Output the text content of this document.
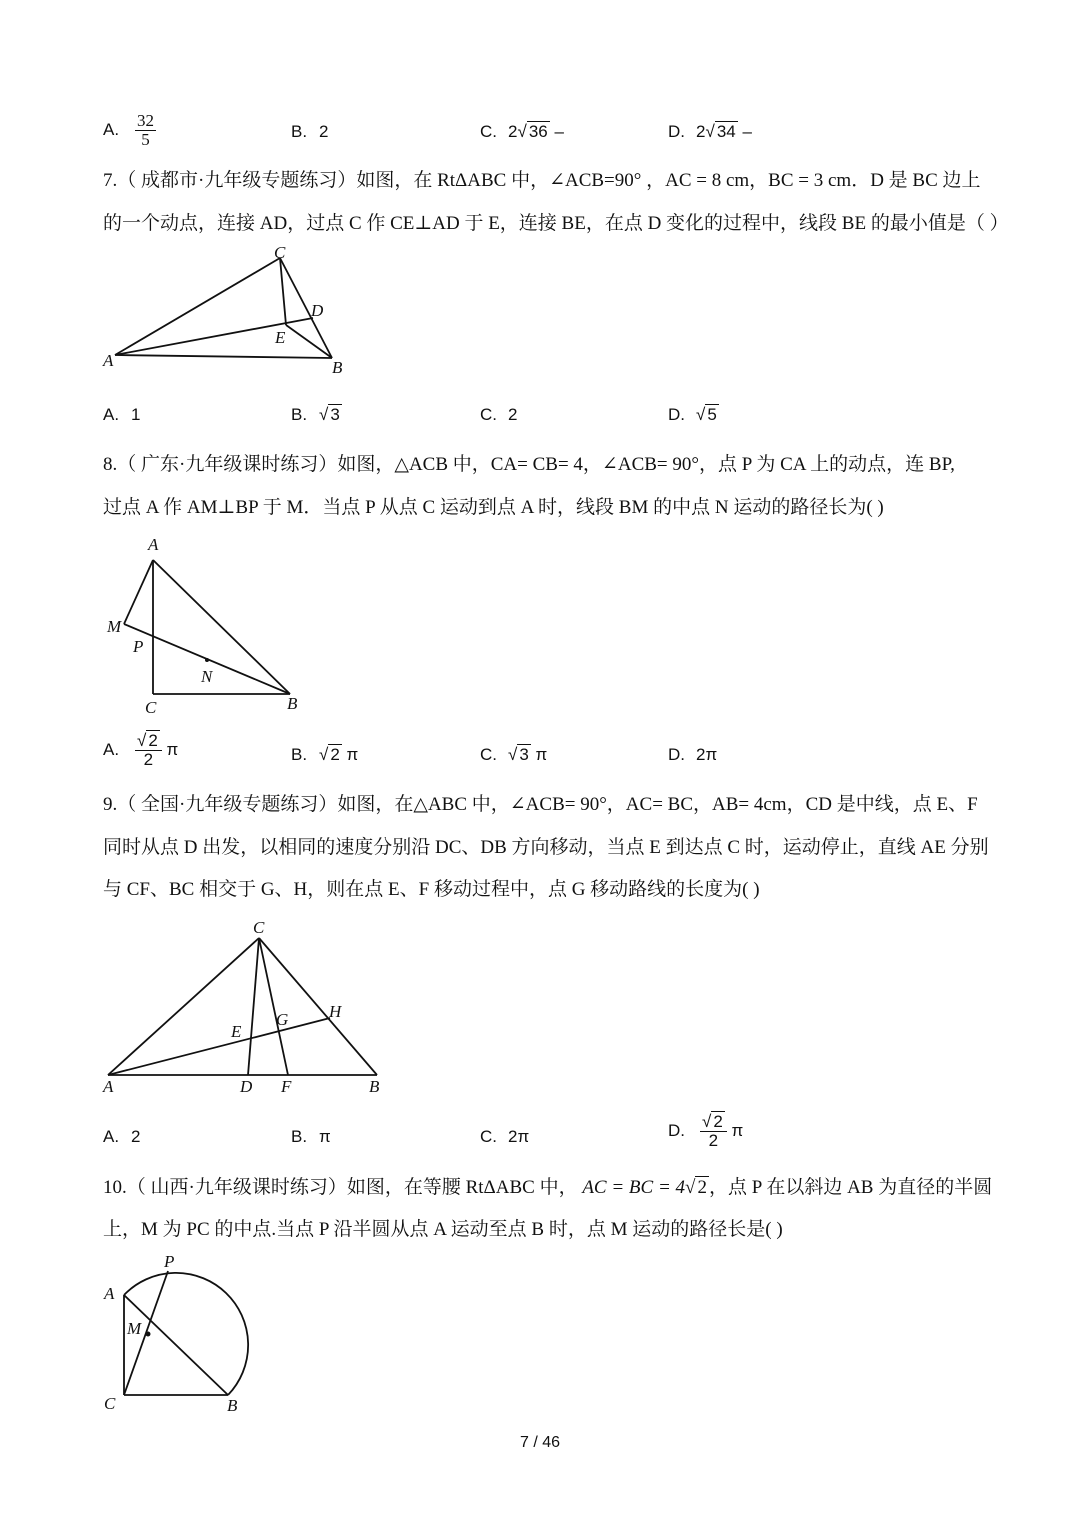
A. $\frac{32}{5}$	B. 2	C. 2√ 36 –	D. 2√ 34 –
7.（ 成都市·九年级专题练习）如图，在 RtΔABC 中，∠ACB=90° ，AC = 8 cm，BC = 3 cm．D 是 BC 边上
的一个动点，连接 AD，过点 C 作 CE⊥AD 于 E，连接 BE，在点 D 变化的过程中，线段 BE 的最小值是（ ）
C
D
E
A	B
A. 1	B. √ 3	C. 2	D. √ 5
8.（ 广东·九年级课时练习）如图，△ACB 中，CA= CB= 4，∠ACB= 90°，点 P 为 CA 上的动点，连 BP,
过点 A 作 AM⊥BP 于 M．当点 P 从点 C 运动到点 A 时，线段 BM 的中点 N 运动的路径长为( )
A
M
P
N
C	B
A. $\frac{√ 2}{2}$ π	B. √ 2 π	C. √ 3 π	D. 2π
9.（ 全国·九年级专题练习）如图，在△ABC 中，∠ACB= 90°，AC= BC，AB= 4cm，CD 是中线，点 E、F
同时从点 D 出发，以相同的速度分别沿 DC、DB 方向移动，当点 E 到达点 C 时，运动停止，直线 AE 分别
与 CF、BC 相交于 G、H，则在点 E、F 移动过程中，点 G 移动路线的长度为( )
C
H
G
E
A	D F	B
A. 2	B. π	C. 2π	D. $\frac{√ 2}{2}$ π
10.（ 山西·九年级课时练习）如图，在等腰 RtΔABC 中， AC = BC = 4√ 2 ，点 P 在以斜边 AB 为直径的半圆
上，M 为 PC 的中点.当点 P 沿半圆从点 A 运动至点 B 时，点 M 运动的路径长是( )
P
A
M
C	B
7 / 46
